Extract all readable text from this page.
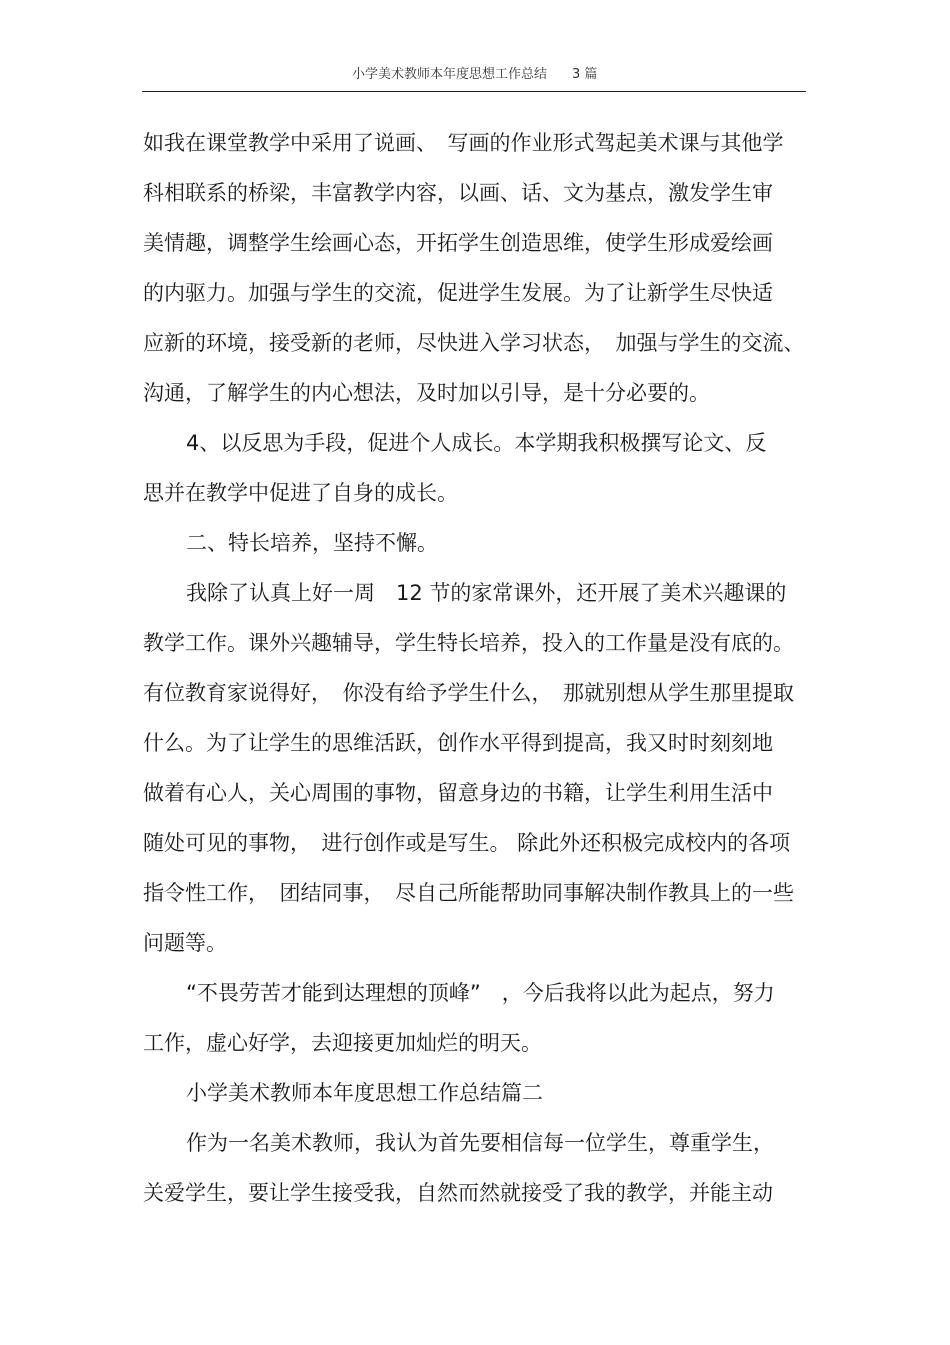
小学美术教师本年度思想工作总结 3 篇
如我在课堂教学中采用了说画、　写画的作业形式驾起美术课与其他学
科相联系的桥梁，丰富教学内容，以画、话、文为基点，激发学生审
美情趣，调整学生绘画心态，开拓学生创造思维，使学生形成爱绘画
的内驱力。加强与学生的交流，促进学生发展。为了让新学生尽快适
应新的环境，接受新的老师，尽快进入学习状态，　加强与学生的交流、
沟通，了解学生的内心想法，及时加以引导，是十分必要的。
4、以反思为手段，促进个人成长。本学期我积极撰写论文、反
思并在教学中促进了自身的成长。
二、特长培养，坚持不懈。
我除了认真上好一周　12 节的家常课外，还开展了美术兴趣课的
教学工作。课外兴趣辅导，学生特长培养，投入的工作量是没有底的。
有位教育家说得好，　你没有给予学生什么，　那就别想从学生那里提取
什么。为了让学生的思维活跃，创作水平得到提高，我又时时刻刻地
做着有心人，关心周围的事物，留意身边的书籍，让学生利用生活中
随处可见的事物，　进行创作或是写生。 除此外还积极完成校内的各项
指令性工作，　团结同事，　尽自己所能帮助同事解决制作教具上的一些
问题等。
“不畏劳苦才能到达理想的顶峰”　，今后我将以此为起点，努力
工作，虚心好学，去迎接更加灿烂的明天。
小学美术教师本年度思想工作总结篇二
作为一名美术教师，我认为首先要相信每一位学生，尊重学生，
关爱学生，要让学生接受我，自然而然就接受了我的教学，并能主动
